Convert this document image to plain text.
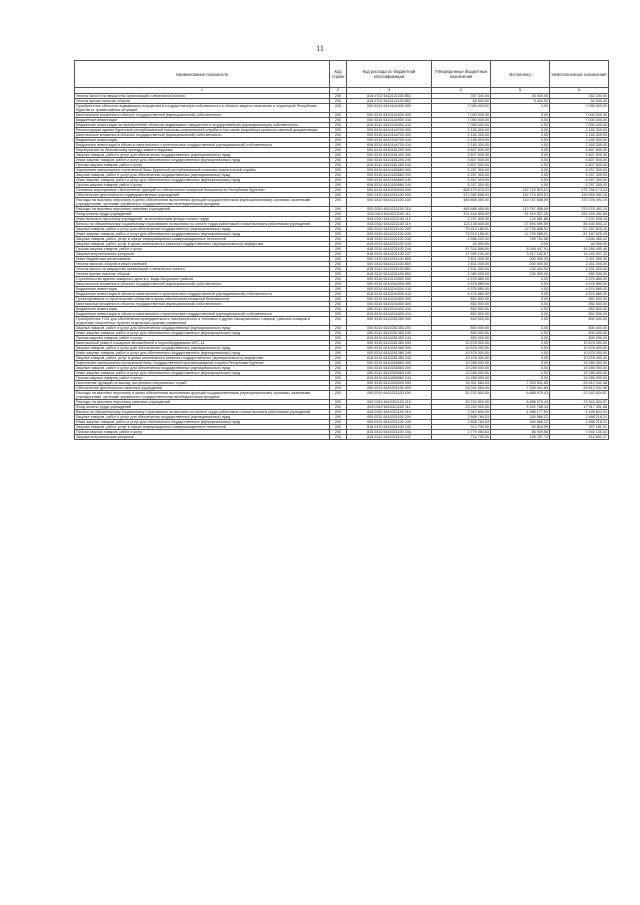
11
Наименование показателя	Код строки	Код расхода по бюджетной классификации	Утвержденные бюджетные назначения	Исполнено	Неисполненные назначения
1	2	3	4	5	6
Уплата налога на имущество организаций и земельного налога	200	818 0702 6410121100 851	397 340,54	45 000,00	352 340,54
Уплата прочих налогов, сборов	200	818 0702 6410121100 852	63 500,00	9 000,00	54 500,00
Приобретение объектов недвижимого имущества в государственную собственность в области защиты населения и территорий Республики Бурятия от чрезвычайных ситуаций	200	000 0310 6410144000 000	7 000 000,00	0,00	7 000 000,00
Капитальные вложения в объекты государственной (муниципальной) собственности	200	000 0310 6410144000 400	7 000 000,00	0,00	7 000 000,00
Бюджетные инвестиции	200	000 0310 6410144000 410	7 000 000,00	0,00	7 000 000,00
Бюджетные инвестиции на приобретение объектов недвижимого имущества в государственную (муниципальную) собственность	200	818 0310 6410144000 412	7 000 000,00	0,00	7 000 000,00
Реконструкция здания Бурятской республиканской поисково-спасательной службы в том числе разработка проектно-сметной документации	200	000 0310 6410144700 000	2 183 300,00	0,00	2 183 300,00
Капитальные вложения в объекты государственной (муниципальной) собственности	200	000 0310 6410144700 400	2 183 300,00	0,00	2 183 300,00
Бюджетные инвестиции	200	000 0310 6410144700 410	2 183 300,00	0,00	2 183 300,00
Бюджетные инвестиции в объекты капитального строительства государственной (муниципальной) собственности	200	818 0310 6410144700 414	2 183 300,00	0,00	2 183 300,00
Мероприятия по безопасному проезду зимнего водоема	200	000 0310 6410181290 000	5 807 500,00	0,00	5 807 500,00
Закупка товаров, работ и услуг для обеспечения государственных (муниципальных) нужд	200	000 0310 6410181290 200	5 807 500,00	0,00	5 807 500,00
Иные закупки товаров, работ и услуг для обеспечения государственных (муниципальных) нужд	200	000 0310 6410181290 240	5 807 500,00	0,00	5 807 500,00
Прочая закупка товаров, работ и услуг	200	818 0310 6410181290 244	5 807 500,00	0,00	5 807 500,00
Укрепление материально-технической базы Бурятской республиканской поисково-спасательной службы	200	000 0310 6410183660 000	5 257 300,00	0,00	5 257 300,00
Закупка товаров, работ и услуг для обеспечения государственных (муниципальных) нужд	200	000 0310 6410183660 200	5 257 300,00	0,00	5 257 300,00
Иные закупки товаров, работ и услуг для обеспечения государственных (муниципальных) нужд	200	000 0310 6410183660 240	5 257 300,00	0,00	5 257 300,00
Прочая закупка товаров, работ и услуг	200	818 0310 6410183660 244	5 257 300,00	0,00	5 257 300,00
Основное мероприятие «Исполнение функций по обеспечению пожарной безопасности Республики Бурятия»	200	000 0310 6410200000 000	608 479 676,51	132 723 503,51	475 756 173,19
Обеспечение деятельности подведомственных учреждений	200	000 0310 6410221100 000	572 382 588,91	132 723 503,51	439 659 082,26
Расходы на выплаты персоналу в целях обеспечения выполнения функций государственными (муниципальными) органами, казенными учреждениями, органами управления государственными внебюджетными фондами	200	000 0310 6410221100 100	489 805 450,00	119 787 558,59	370 076 491,19
Расходы на выплаты персоналу казенных учреждений	200	000 0310 6410221100 110	489 865 450,00	119 787 558,59	370 076 491,19
Фонд оплаты труда учреждений	200	818 0310 6410221100 111	374 418 800,00	91 919 537,26	282 499 262,89
Иные выплаты персоналу учреждений, за исключением фонда оплаты труда	200	818 0310 6410221100 112	2 237 600,00	134 681,88	2 102 908,18
Взносы по обязательному социальному страхованию на выплаты по оплате труда работников и иные выплаты работникам учреждений	200	818 0310 6410221100 119	113 138 600,00	27 694 099,59	85 440 500,22
Закупка товаров, работ и услуг для обеспечения государственных (муниципальных) нужд	200	000 0310 6410221100 200	79 913 189,91	12 725 568,91	67 187 625,29
Иные закупки товаров, работ и услуг для обеспечения государственных (муниципальных) нужд	200	000 0310 6410221100 240	79 913 189,91	12 725 568,91	67 187 625,29
Закупка товаров, работ, услуг в сфере информационно-коммуникационных технологий	200	818 0310 6410221100 242	4 596 220,00	759 754,58	3 836 465,42
Закупка товаров, работ, услуг в целях капитального ремонта государственного (муниципального) имущества	200	818 0310 6410221100 243	40 000,00	0,00	40 000,00
Прочая закупка товаров, работ и услуг	200	818 0310 6410221100 244	57 316 898,50	8 048 447,91	49 268 455,48
Закупка энергетических ресурсов	200	818 0310 6410221100 247	17 990 100,00	3 917 162,67	14 042 937,33
Иные бюджетные ассигнования	200	000 0310 6410221100 800	2 611 000,00	200 000,00	2 411 000,00
Уплата налогов, сборов и иных платежей	200	000 0310 6410221100 850	2 611 000,00	200 000,00	2 411 000,00
Уплата налога на имущество организаций и земельного налога	200	818 0310 6410221100 851	1 531 300,00	100 000,00	1 431 300,00
Уплата прочих налогов, сборов	200	818 0310 6410221100 852	1 080 300,00	100 000,00	980 300,00
Строительство здания пожарного депо в с. Бада Бичурского района	200	000 0310 6410244300 000	4 576 880,00	0,00	4 576 880,00
Капитальные вложения в объекты государственной (муниципальной) собственности	200	000 0310 6410244300 400	4 576 880,00	0,00	4 576 880,00
Бюджетные инвестиции	200	000 0310 6410244300 410	4 576 880,00	0,00	4 576 880,00
Бюджетные инвестиции в объекты капитального строительства государственной (муниципальной) собственности	200	818 0310 6410244300 414	4 576 880,00	0,00	4 576 880,00
Проектирование и строительство объектов в целях обеспечения пожарной безопасности	200	000 0310 6410244400 000	852 500,00	0,00	852 500,00
Капитальные вложения в объекты государственной (муниципальной) собственности	200	000 0310 6410244400 400	852 500,00	0,00	852 500,00
Бюджетные инвестиции	200	000 0310 6410244400 410	852 500,00	0,00	852 500,00
Бюджетные инвестиции в объекты капитального строительства государственной (муниципальной) собственности	200	818 0310 6410244400 414	852 500,00	0,00	852 500,00
Приобретение ГСМ для обеспечения принудительного электрического и тепловых и других лакокрасочных товаров, тушения пожаров в отдельных населенных пунктах отдельным органам управления	200	000 0310 6410281350 000	800 000,00	0,00	800 000,00
Закупка товаров, работ и услуг для обеспечения государственных (муниципальных) нужд	200	000 0310 6410281350 200	800 000,00	0,00	800 000,00
Иные закупки товаров, работ и услуг для обеспечения государственных (муниципальных) нужд	200	000 0310 6410281350 240	800 000,00	0,00	800 000,00
Прочая закупка товаров, работ и услуг	200	818 0310 6410281350 244	800 000,00	0,00	800 000,00
Капитальный ремонт пожарных автомобилей и переоборудование АРС-14	200	000 0310 6410281380 000	10 578 000,00	0,00	10 578 000,00
Закупка товаров, работ и услуг для обеспечения государственных (муниципальных) нужд	200	000 0310 6410281380 200	10 578 000,00	0,00	10 578 000,00
Иные закупки товаров, работ и услуг для обеспечения государственных (муниципальных) нужд	200	000 0310 6410281380 240	10 578 000,00	0,00	10 578 000,00
Закупка товаров, работ, услуг в целях капитального ремонта государственного (муниципального) имущества	200	818 0310 6410281380 243	10 578 000,00	0,00	10 578 000,00
Укрепление материально-технической базы Государственной противопожарной службы Республики Бурятия	200	000 0310 6410283660 000	19 289 000,00	0,00	19 289 000,00
Закупка товаров, работ и услуг для обеспечения государственных (муниципальных) нужд	200	000 0310 6410283660 200	19 289 000,00	0,00	19 289 000,00
Иные закупки товаров, работ и услуг для обеспечения государственных (муниципальных) нужд	200	000 0310 6410283660 240	19 289 000,00	0,00	19 289 000,00
Прочая закупка товаров, работ и услуг	200	818 0310 6410283660 244	19 289 000,00	0,00	19 289 000,00
Исполнение функций по вызову экстренных оперативных служб	200	000 0310 6410300000 000	33 011 584,53	7 329 541,85	25 612 042,58
Обеспечение деятельности казенных учреждений	200	000 0310 6410321100 000	33 041 584,53	7 329 541,85	25 612 042,58
Расходы на выплаты персоналу в целях обеспечения выполнения функций государственными (муниципальными) органами, казенными учреждениями, органами управления государственными внебюджетными фондами	200	000 0310 6410321100 100	30 232 800,00	6 888 975,43	23 343 824,57
Расходы на выплаты персоналу казенных учреждений	200	000 0310 6410321100 110	30 232 800,00	6 888 975,43	23 343 824,57
Фонд оплаты труда учреждений	200	818 0310 6410321100 111	23 220 000,00	5 302 786,34	17 917 491,88
Взносы по обязательному социальному страхованию на выплаты по оплате труда работников и иные выплаты работникам учреждений	200	818 0310 6410321100 119	7 012 800,00	1 586 177,00	5 426 622,91
Закупка товаров, работ и услуг для обеспечения государственных (муниципальных) нужд	200	000 0310 6410321100 200	2 808 784,53	340 566,22	2 468 218,31
Иные закупки товаров, работ и услуг для обеспечения государственных (муниципальных) нужд	200	000 0310 6410321100 240	2 808 784,53	340 566,22	2 468 218,31
Закупка товаров, работ, услуг в сфере информационно-коммуникационных технологий	200	818 0310 6410321100 242	312 700,00	54 818,99	257 181,01
Прочая закупка товаров, работ и услуг	200	818 0310 6410321100 244	1 779 384,53	86 949,56	1 692 135,03
Закупка энергетических ресурсов	200	818 0310 6410321100 247	716 700,00	199 787,73	516 892,27
